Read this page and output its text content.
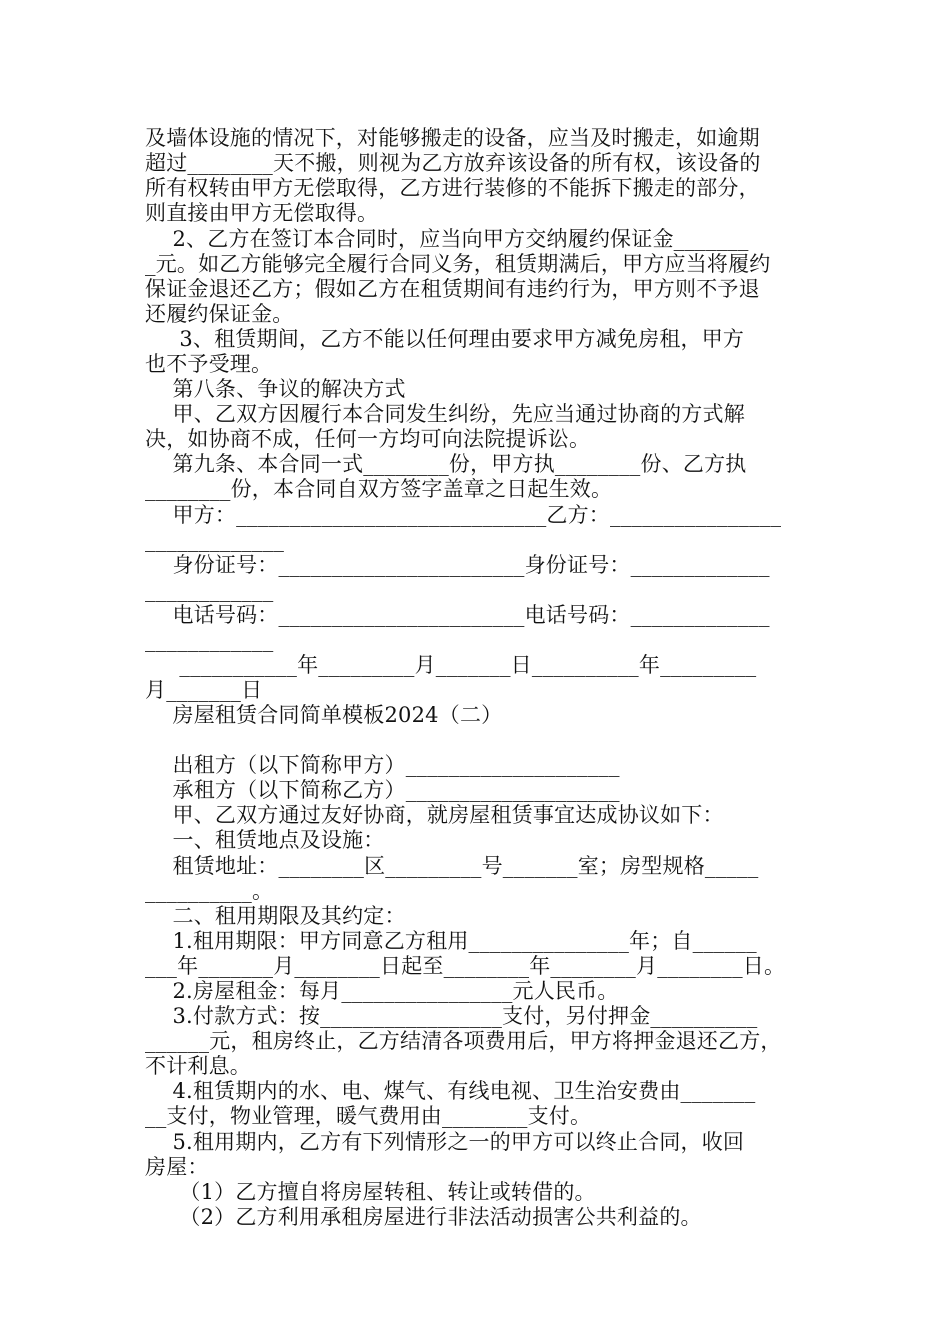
及墙体设施的情况下，对能够搬走的设备，应当及时搬走，如逾期

超过________天不搬，则视为乙方放弃该设备的所有权，该设备的

所有权转由甲方无偿取得，乙方进行装修的不能拆下搬走的部分，

则直接由甲方无偿取得。

2、乙方在签订本合同时，应当向甲方交纳履约保证金_______

_元。如乙方能够完全履行合同义务，租赁期满后，甲方应当将履约

保证金退还乙方；假如乙方在租赁期间有违约行为，甲方则不予退

还履约保证金。

3、租赁期间，乙方不能以任何理由要求甲方减免房租，甲方

也不予受理。

第八条、争议的解决方式

甲、乙双方因履行本合同发生纠纷，先应当通过协商的方式解

决，如协商不成，任何一方均可向法院提诉讼。

第九条、本合同一式________份，甲方执________份、乙方执

________份，本合同自双方签字盖章之日起生效。

甲方：_____________________________乙方：________________

_____________

身份证号：_______________________身份证号：_____________

____________

电话号码：_______________________电话号码：_____________

____________

___________年_________月_______日__________年_________

月_______日

房屋租赁合同简单模板2024（二）

出租方（以下简称甲方）____________________

承租方（以下简称乙方）____________________

甲、乙双方通过友好协商，就房屋租赁事宜达成协议如下：

一、租赁地点及设施：

租赁地址：________区_________号_______室；房型规格_____

__________。

二、租用期限及其约定：

1.租用期限：甲方同意乙方租用_______________年；自______

___年_______月________日起至________年________月________日。

2.房屋租金：每月________________元人民币。

3.付款方式：按_________________支付，另付押金__________

______元，租房终止，乙方结清各项费用后，甲方将押金退还乙方，

不计利息。

4.租赁期内的水、电、煤气、有线电视、卫生治安费由_______

__支付，物业管理，暖气费用由________支付。

5.租用期内，乙方有下列情形之一的甲方可以终止合同，收回

房屋：

（1）乙方擅自将房屋转租、转让或转借的。

（2）乙方利用承租房屋进行非法活动损害公共利益的。
